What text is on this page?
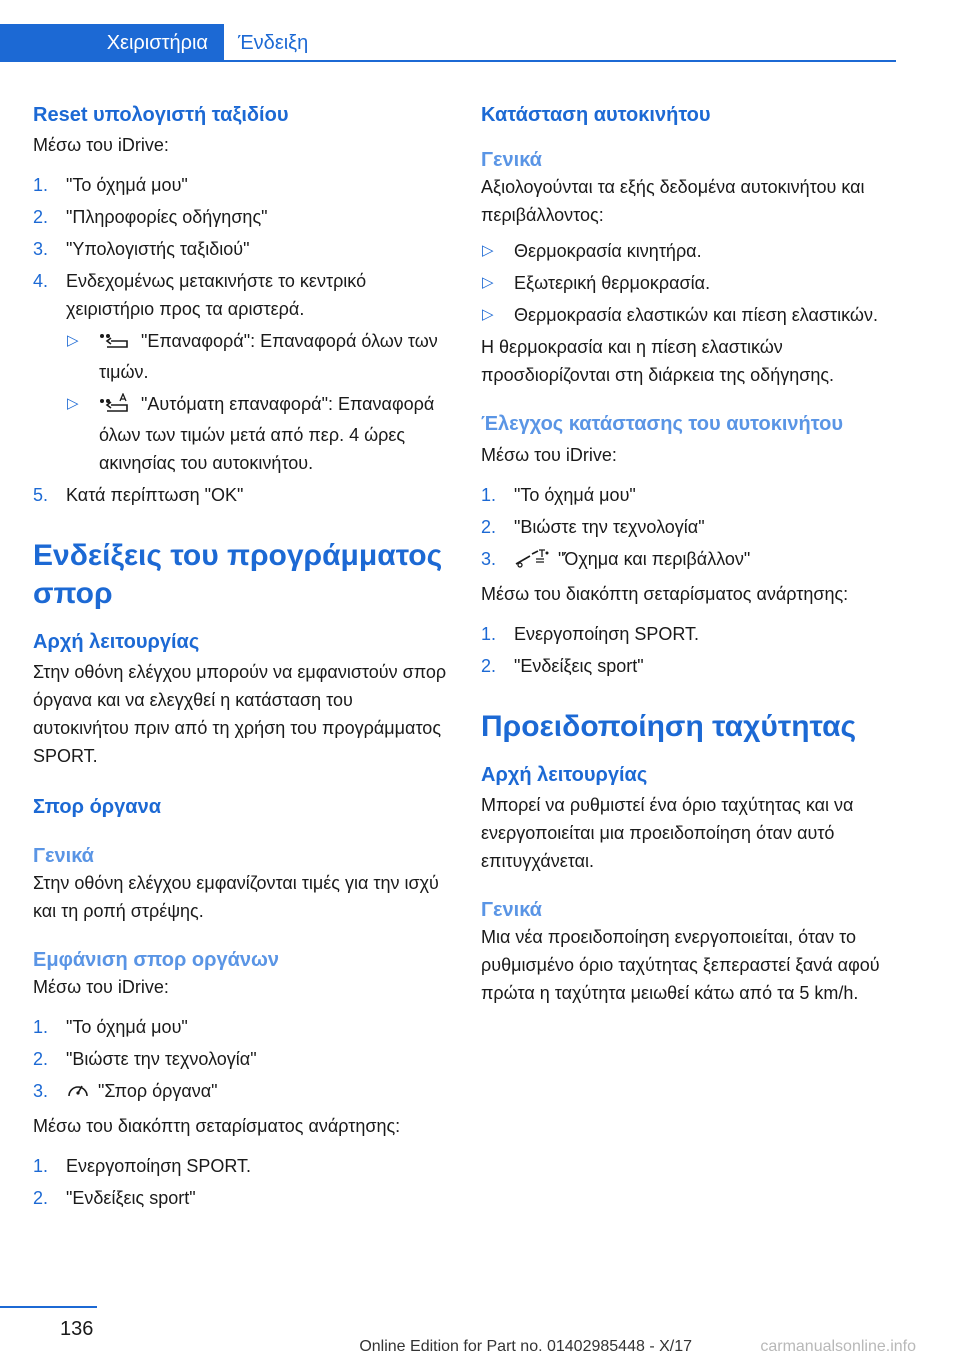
Χειριστήρια	Ένδειξη
Reset υπολογιστή ταξιδίου
Μέσω του iDrive:
1. "Το όχημά μου"
2. "Πληροφορίες οδήγησης"
3. "Υπολογιστής ταξιδιού"
4. Ενδεχομένως μετακινήστε το κεντρικό χειριστήριο προς τα αριστερά.
▷	"Επαναφορά": Επαναφορά όλων των τιμών.
▷	"Αυτόματη επαναφορά": Επαναφορά όλων των τιμών μετά από περ. 4 ώρες ακινησίας του αυτοκινήτου.
5. Κατά περίπτωση "OK"
Ενδείξεις του προγράμματος σπορ
Αρχή λειτουργίας
Στην οθόνη ελέγχου μπορούν να εμφανιστούν σπορ όργανα και να ελεγχθεί η κατάσταση του αυτοκινήτου πριν από τη χρήση του προγράμματος SPORT.
Σπορ όργανα
Γενικά
Στην οθόνη ελέγχου εμφανίζονται τιμές για την ισχύ και τη ροπή στρέψης.
Εμφάνιση σπορ οργάνων
Μέσω του iDrive:
1. "Το όχημά μου"
2. "Βιώστε την τεχνολογία"
3.	"Σπορ όργανα"
Μέσω του διακόπτη σεταρίσματος ανάρτησης:
1. Ενεργοποίηση SPORT.
2. "Ενδείξεις sport"
Κατάσταση αυτοκινήτου
Γενικά
Αξιολογούνται τα εξής δεδομένα αυτοκινήτου και περιβάλλοντος:
▷ Θερμοκρασία κινητήρα.
▷ Εξωτερική θερμοκρασία.
▷ Θερμοκρασία ελαστικών και πίεση ελαστικών.
Η θερμοκρασία και η πίεση ελαστικών προσδιορίζονται στη διάρκεια της οδήγησης.
Έλεγχος κατάστασης του αυτοκινήτου
Μέσω του iDrive:
1. "Το όχημά μου"
2. "Βιώστε την τεχνολογία"
3.	"Όχημα και περιβάλλον"
Μέσω του διακόπτη σεταρίσματος ανάρτησης:
1. Ενεργοποίηση SPORT.
2. "Ενδείξεις sport"
Προειδοποίηση ταχύτητας
Αρχή λειτουργίας
Μπορεί να ρυθμιστεί ένα όριο ταχύτητας και να ενεργοποιείται μια προειδοποίηση όταν αυτό επιτυγχάνεται.
Γενικά
Μια νέα προειδοποίηση ενεργοποιείται, όταν το ρυθμισμένο όριο ταχύτητας ξεπεραστεί ξανά αφού πρώτα η ταχύτητα μειωθεί κάτω από τα 5 km/h.
136
Online Edition for Part no. 01402985448 - X/17	carmanualsonline.info
